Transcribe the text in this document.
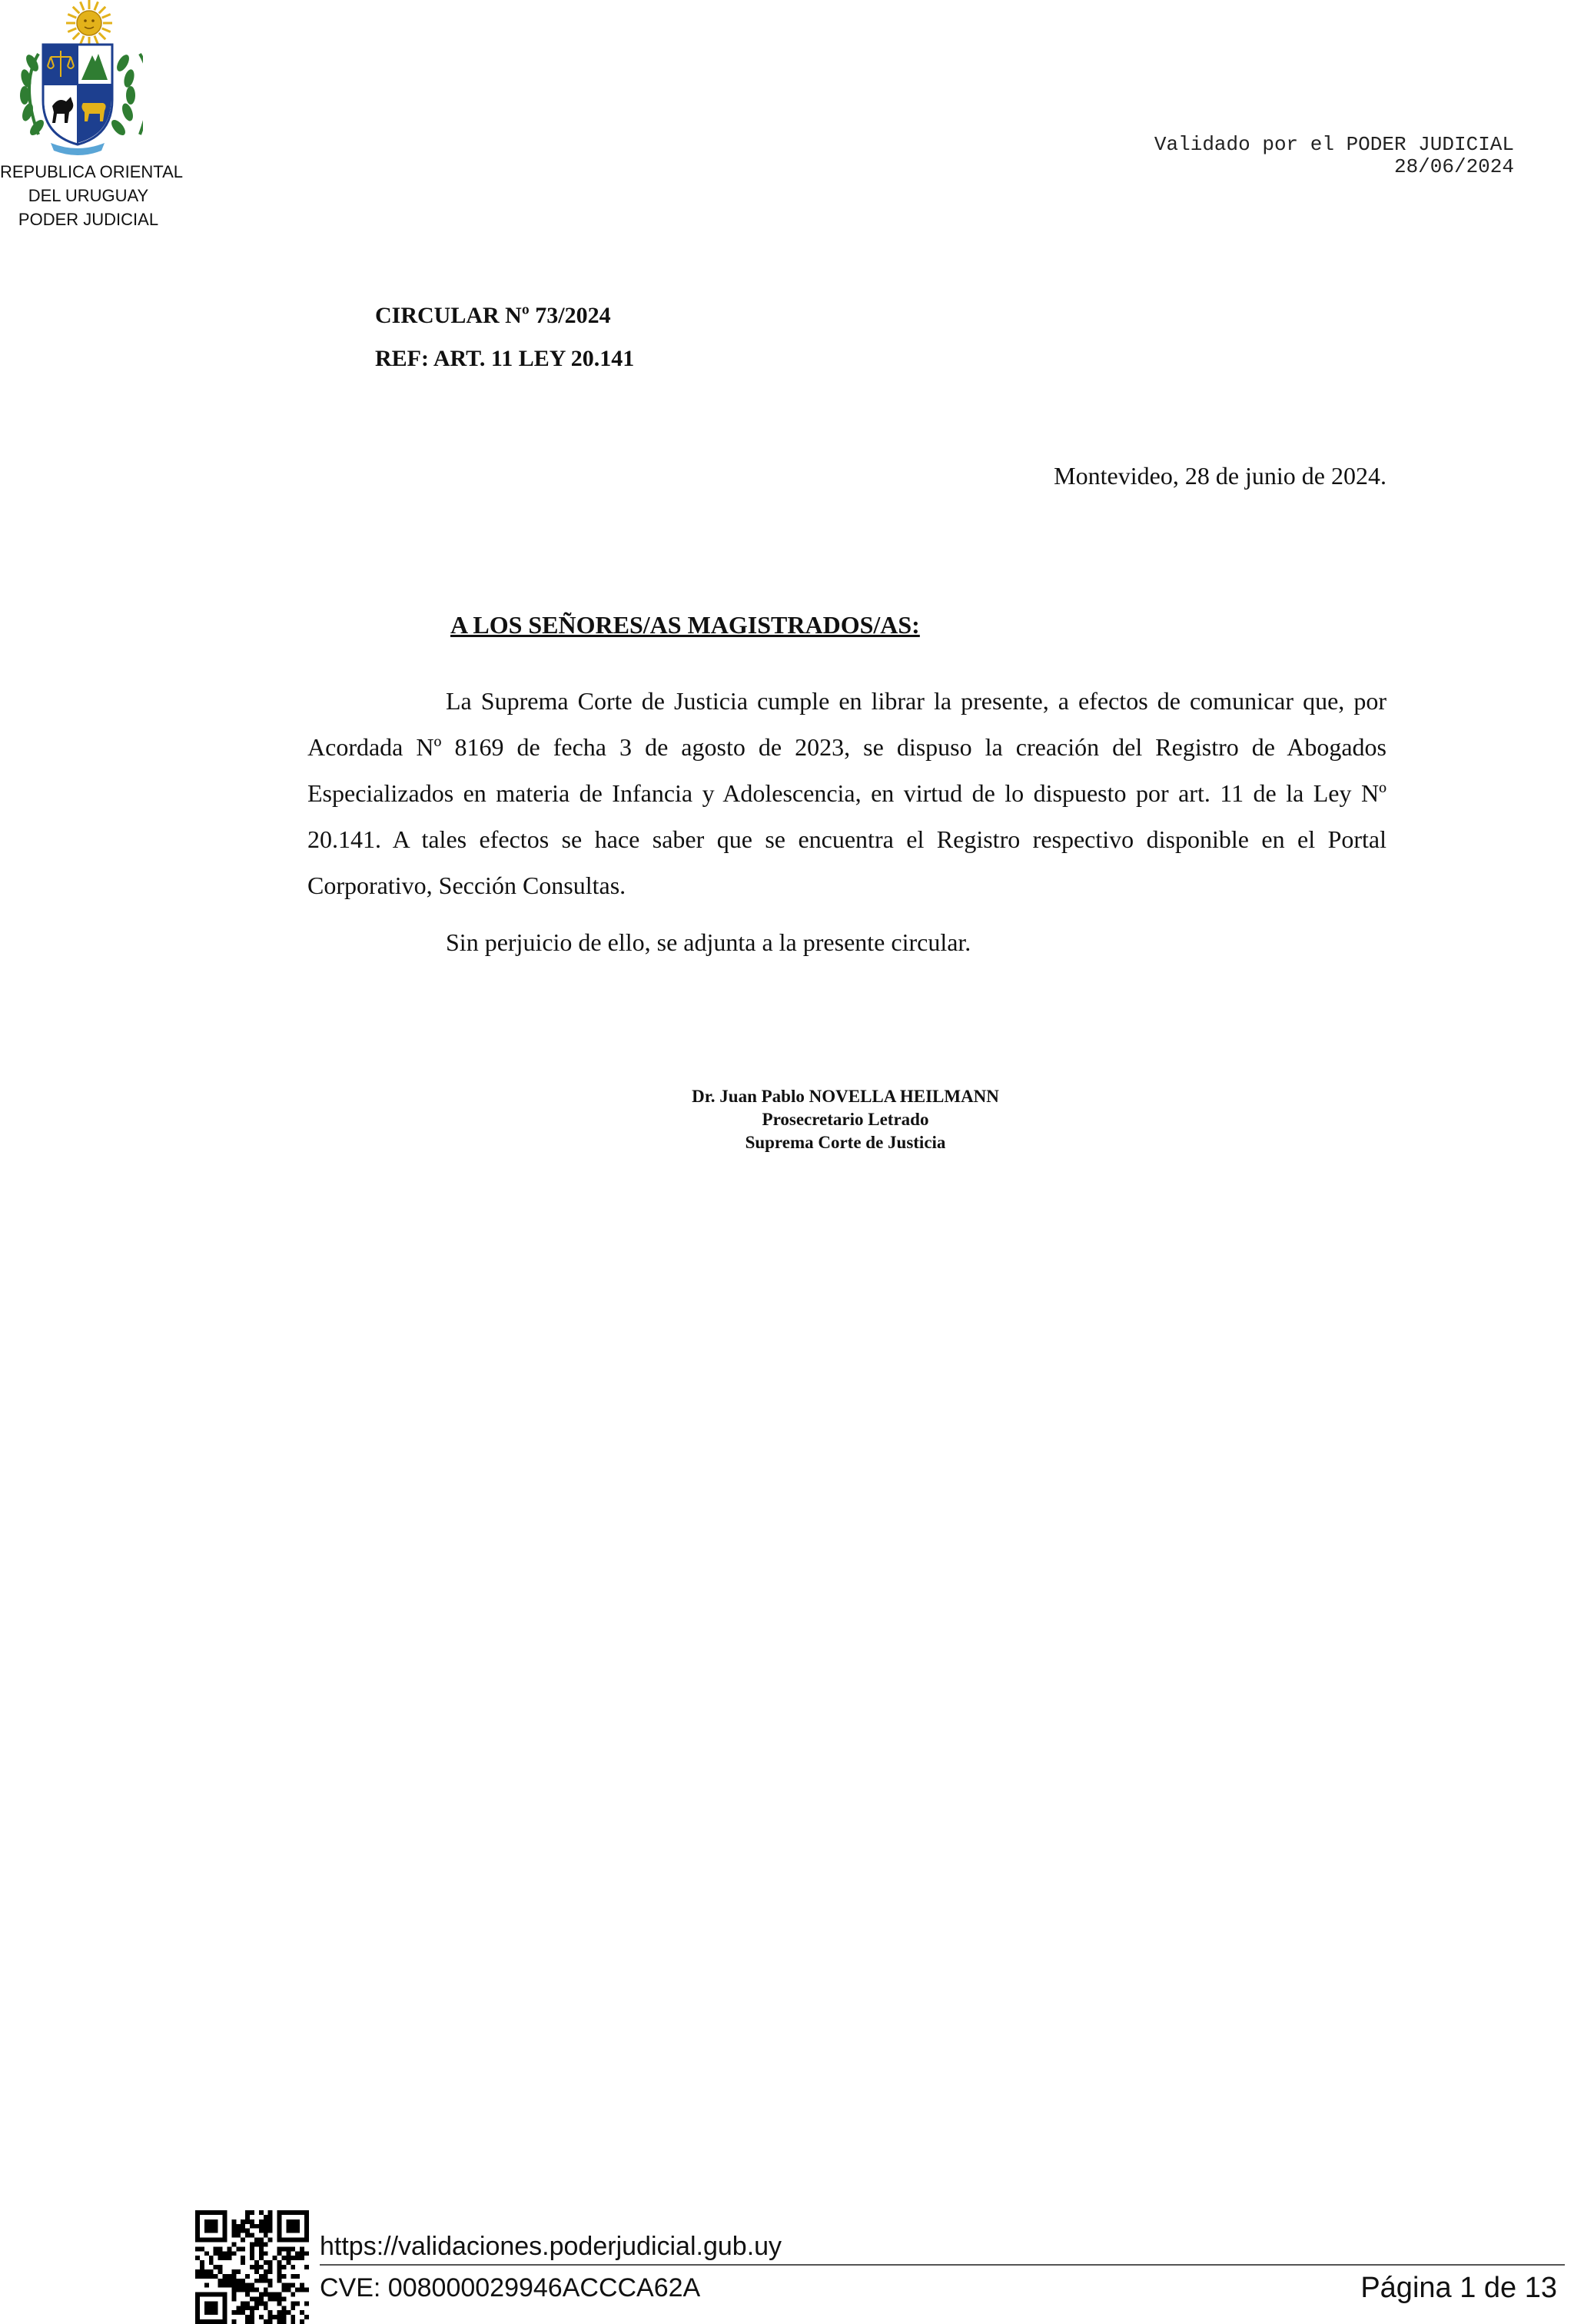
REPUBLICA ORIENTAL
DEL URUGUAY
PODER JUDICIAL
Validado por el PODER JUDICIAL
28/06/2024
CIRCULAR Nº 73/2024
REF: ART. 11 LEY 20.141
Montevideo, 28 de junio de 2024.
A LOS SEÑORES/AS MAGISTRADOS/AS:

La Suprema Corte de Justicia cumple en librar la presente, a efectos de comunicar que, por Acordada Nº 8169 de fecha 3 de agosto de 2023, se dispuso la creación del Registro de Abogados Especializados en materia de Infancia y Adolescencia, en virtud de lo dispuesto por art. 11 de la Ley Nº 20.141. A tales efectos se hace saber que se encuentra el Registro respectivo disponible en el Portal Corporativo, Sección Consultas.

Sin perjuicio de ello, se adjunta a la presente circular.

Dr. Juan Pablo NOVELLA HEILMANN
Prosecretario Letrado
Suprema Corte de Justicia
https://validaciones.poderjudicial.gub.uy
CVE: 008000029946ACCCA62A	Página 1 de 13
